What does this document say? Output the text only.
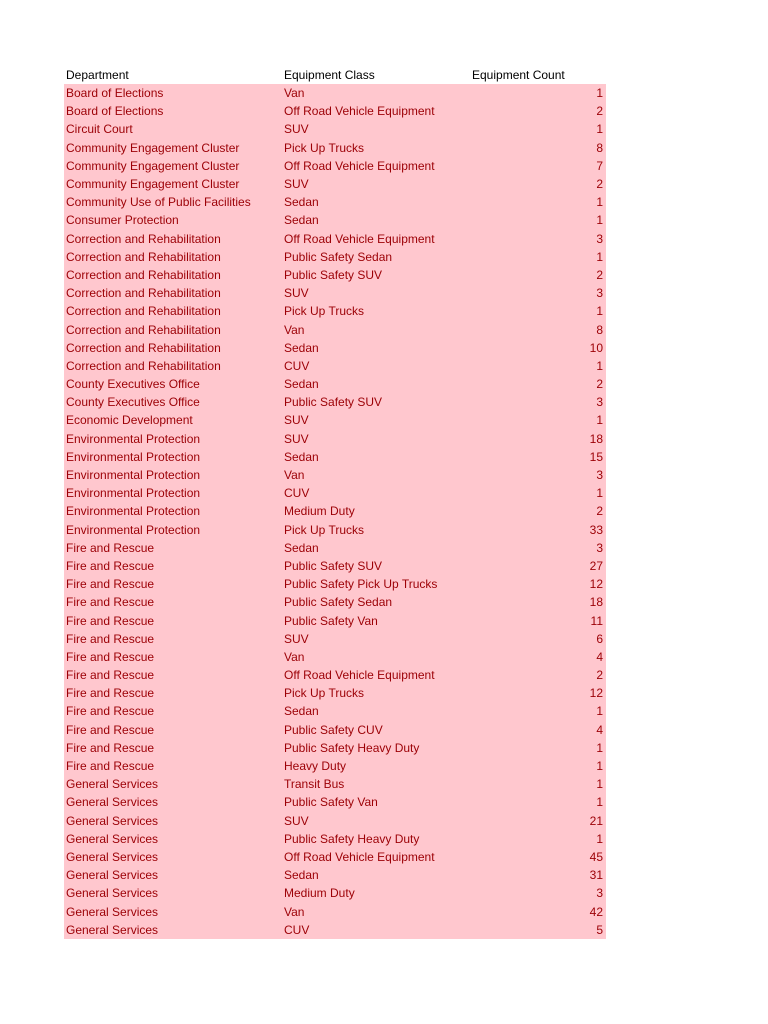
Department	Equipment Class	Equipment Count
Board of Elections	Van	1
Board of Elections	Off Road Vehicle Equipment	2
Circuit Court	SUV	1
Community Engagement Cluster	Pick Up Trucks	8
Community Engagement Cluster	Off Road Vehicle Equipment	7
Community Engagement Cluster	SUV	2
Community Use of Public Facilities	Sedan	1
Consumer Protection	Sedan	1
Correction and Rehabilitation	Off Road Vehicle Equipment	3
Correction and Rehabilitation	Public Safety Sedan	1
Correction and Rehabilitation	Public Safety SUV	2
Correction and Rehabilitation	SUV	3
Correction and Rehabilitation	Pick Up Trucks	1
Correction and Rehabilitation	Van	8
Correction and Rehabilitation	Sedan	10
Correction and Rehabilitation	CUV	1
County Executives Office	Sedan	2
County Executives Office	Public Safety SUV	3
Economic Development	SUV	1
Environmental Protection	SUV	18
Environmental Protection	Sedan	15
Environmental Protection	Van	3
Environmental Protection	CUV	1
Environmental Protection	Medium Duty	2
Environmental Protection	Pick Up Trucks	33
Fire and Rescue	Sedan	3
Fire and Rescue	Public Safety SUV	27
Fire and Rescue	Public Safety Pick Up Trucks	12
Fire and Rescue	Public Safety Sedan	18
Fire and Rescue	Public Safety Van	11
Fire and Rescue	SUV	6
Fire and Rescue	Van	4
Fire and Rescue	Off Road Vehicle Equipment	2
Fire and Rescue	Pick Up Trucks	12
Fire and Rescue	Sedan	1
Fire and Rescue	Public Safety CUV	4
Fire and Rescue	Public Safety Heavy Duty	1
Fire and Rescue	Heavy Duty	1
General Services	Transit Bus	1
General Services	Public Safety Van	1
General Services	SUV	21
General Services	Public Safety Heavy Duty	1
General Services	Off Road Vehicle Equipment	45
General Services	Sedan	31
General Services	Medium Duty	3
General Services	Van	42
General Services	CUV	5
